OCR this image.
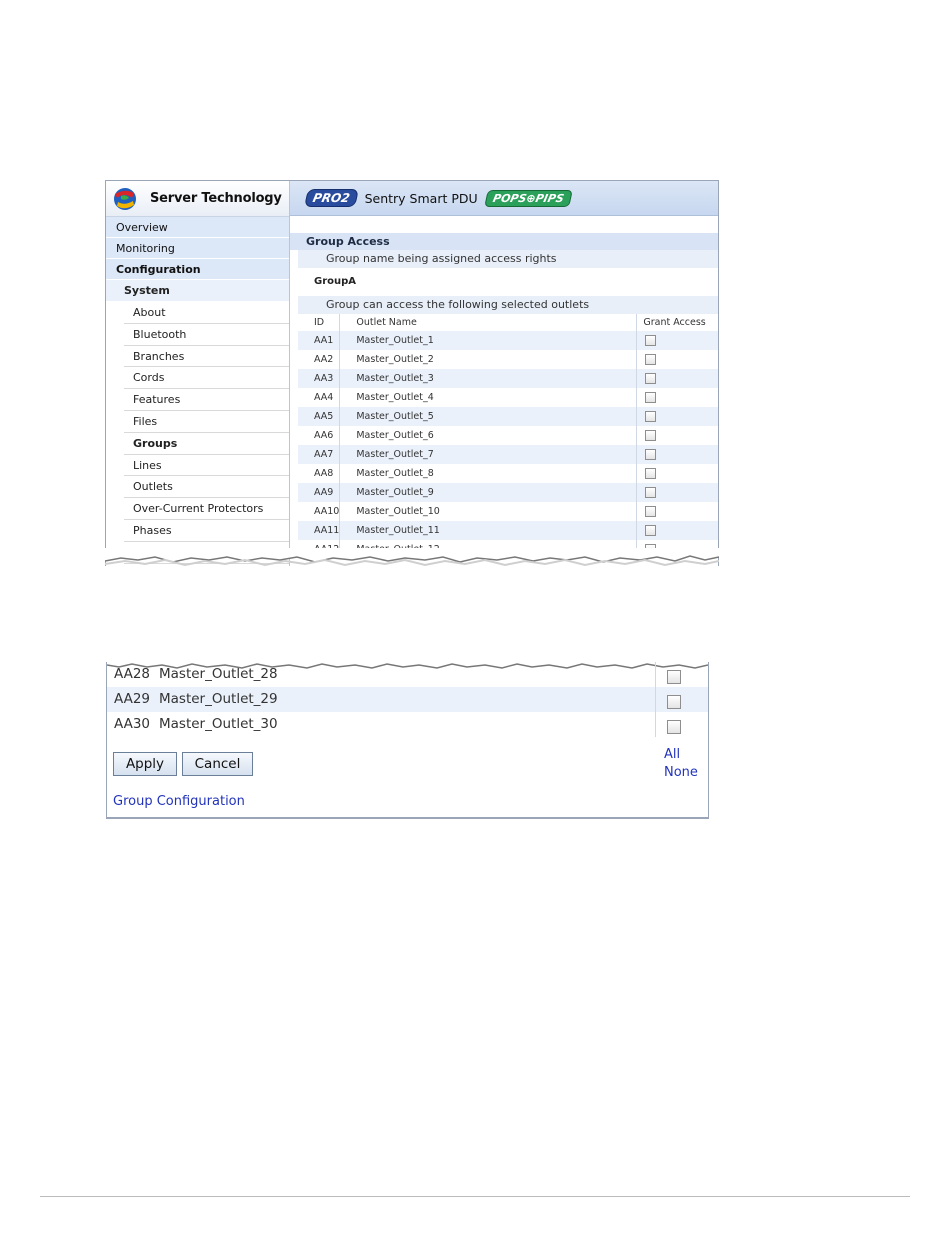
Server Technology
Overview
Monitoring
Configuration
System
About
Bluetooth
Branches
Cords
Features
Files
Groups
Lines
Outlets
Over-Current Protectors
Phases
PRO2	Sentry Smart PDU	POPS⊕PIPS
Group Access
Group name being assigned access rights
GroupA
Group can access the following selected outlets
ID	Outlet Name	Grant Access
AA1	Master_Outlet_1	
AA2	Master_Outlet_2	
AA3	Master_Outlet_3	
AA4	Master_Outlet_4	
AA5	Master_Outlet_5	
AA6	Master_Outlet_6	
AA7	Master_Outlet_7	
AA8	Master_Outlet_8	
AA9	Master_Outlet_9	
AA10	Master_Outlet_10	
AA11	Master_Outlet_11	

AA28 Master_Outlet_28
AA29 Master_Outlet_29
AA30 Master_Outlet_30
Apply	Cancel
All
None
Group Configuration
